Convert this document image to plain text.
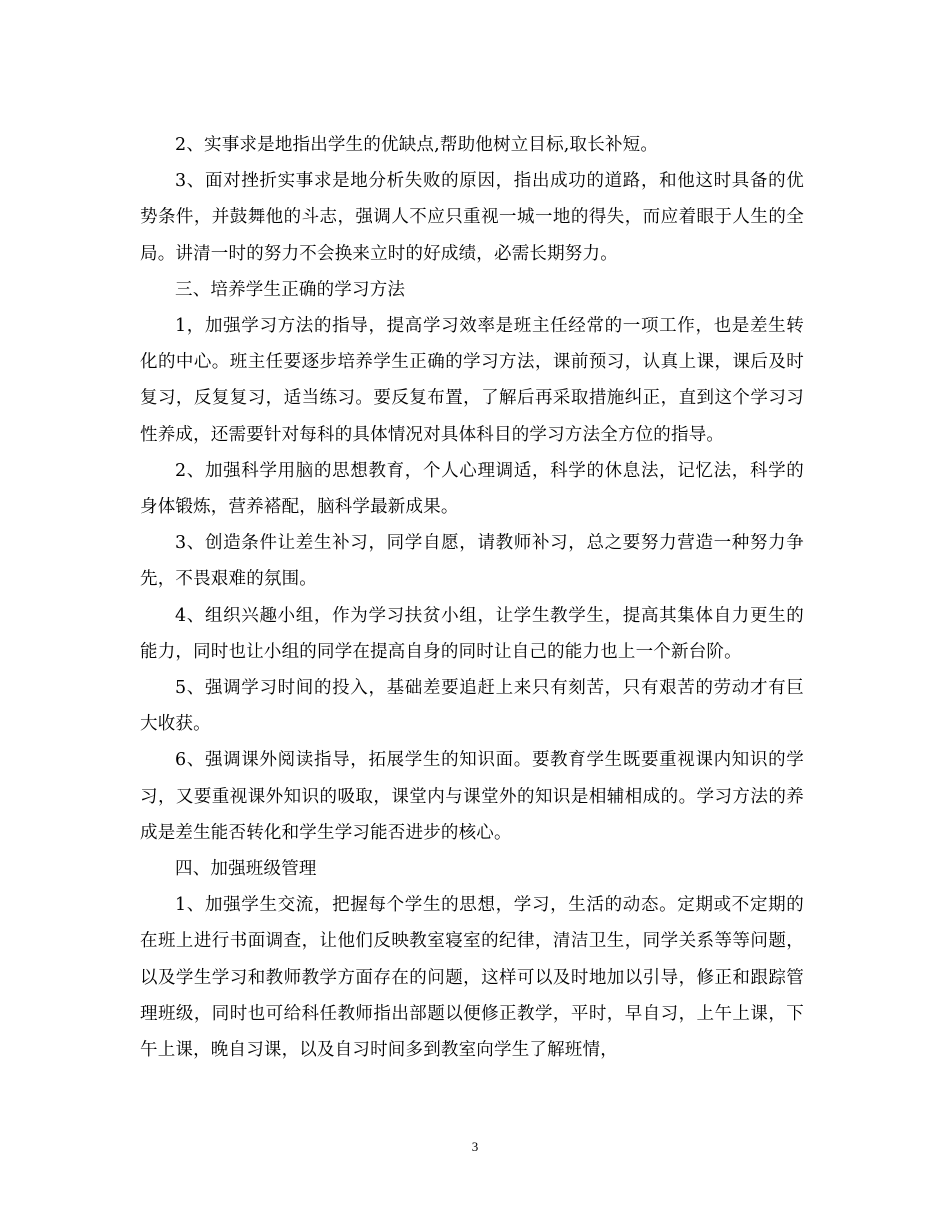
2、实事求是地指出学生的优缺点,帮助他树立目标,取长补短。

3、面对挫折实事求是地分析失败的原因，指出成功的道路，和他这时具备的优势条件，并鼓舞他的斗志，强调人不应只重视一城一地的得失，而应着眼于人生的全局。讲清一时的努力不会换来立时的好成绩，必需长期努力。

三、培养学生正确的学习方法

1，加强学习方法的指导，提高学习效率是班主任经常的一项工作，也是差生转化的中心。班主任要逐步培养学生正确的学习方法，课前预习，认真上课，课后及时复习，反复复习，适当练习。要反复布置，了解后再采取措施纠正，直到这个学习习性养成，还需要针对每科的具体情况对具体科目的学习方法全方位的指导。

2、加强科学用脑的思想教育，个人心理调适，科学的休息法，记忆法，科学的身体锻炼，营养褡配，脑科学最新成果。

3、创造条件让差生补习，同学自愿，请教师补习，总之要努力营造一种努力争先，不畏艰难的氛围。

4、组织兴趣小组，作为学习扶贫小组，让学生教学生，提高其集体自力更生的能力，同时也让小组的同学在提高自身的同时让自己的能力也上一个新台阶。

5、强调学习时间的投入，基础差要追赶上来只有刻苦，只有艰苦的劳动才有巨大收获。

6、强调课外阅读指导，拓展学生的知识面。要教育学生既要重视课内知识的学习，又要重视课外知识的吸取，课堂内与课堂外的知识是相辅相成的。学习方法的养成是差生能否转化和学生学习能否进步的核心。

四、加强班级管理

1、加强学生交流，把握每个学生的思想，学习，生活的动态。定期或不定期的在班上进行书面调查，让他们反映教室寝室的纪律，清洁卫生，同学关系等等问题，以及学生学习和教师教学方面存在的问题，这样可以及时地加以引导，修正和跟踪管理班级，同时也可给科任教师指出部题以便修正教学，平时，早自习，上午上课，下午上课，晚自习课，以及自习时间多到教室向学生了解班情，

3
